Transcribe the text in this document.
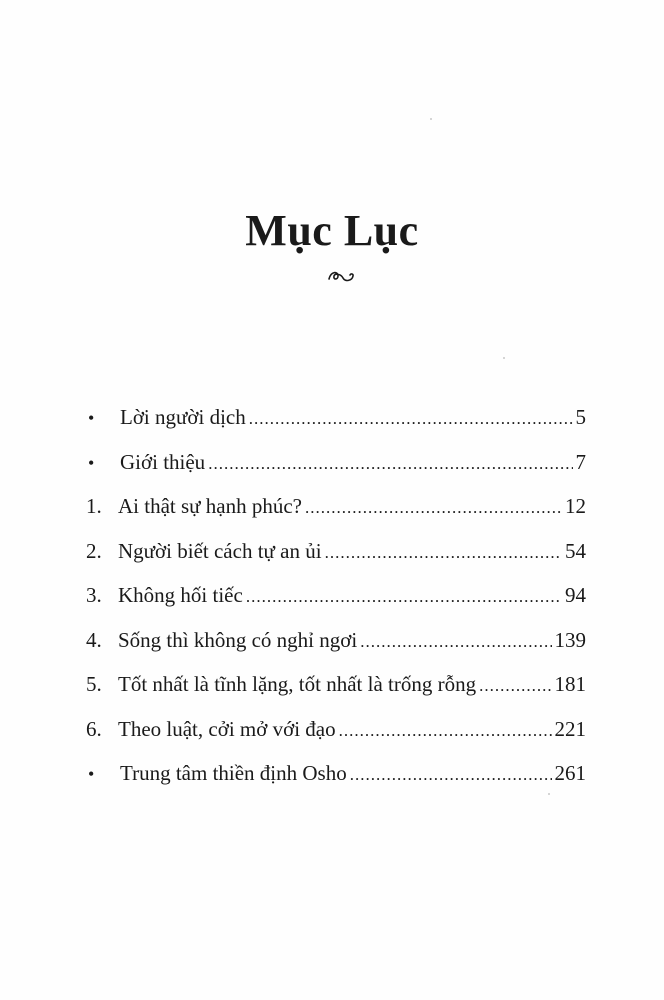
Mục Lục
•	Lời người dịch .....	5
•	Giới thiệu .....	7
1. Ai thật sự hạnh phúc? .....	12
2. Người biết cách tự an ủi .....	54
3. Không hối tiếc .....	94
4. Sống thì không có nghỉ ngơi .....	139
5. Tốt nhất là tĩnh lặng, tốt nhất là trống rỗng .....	181
6. Theo luật, cởi mở với đạo .....	221
•	Trung tâm thiền định Osho .....	261
